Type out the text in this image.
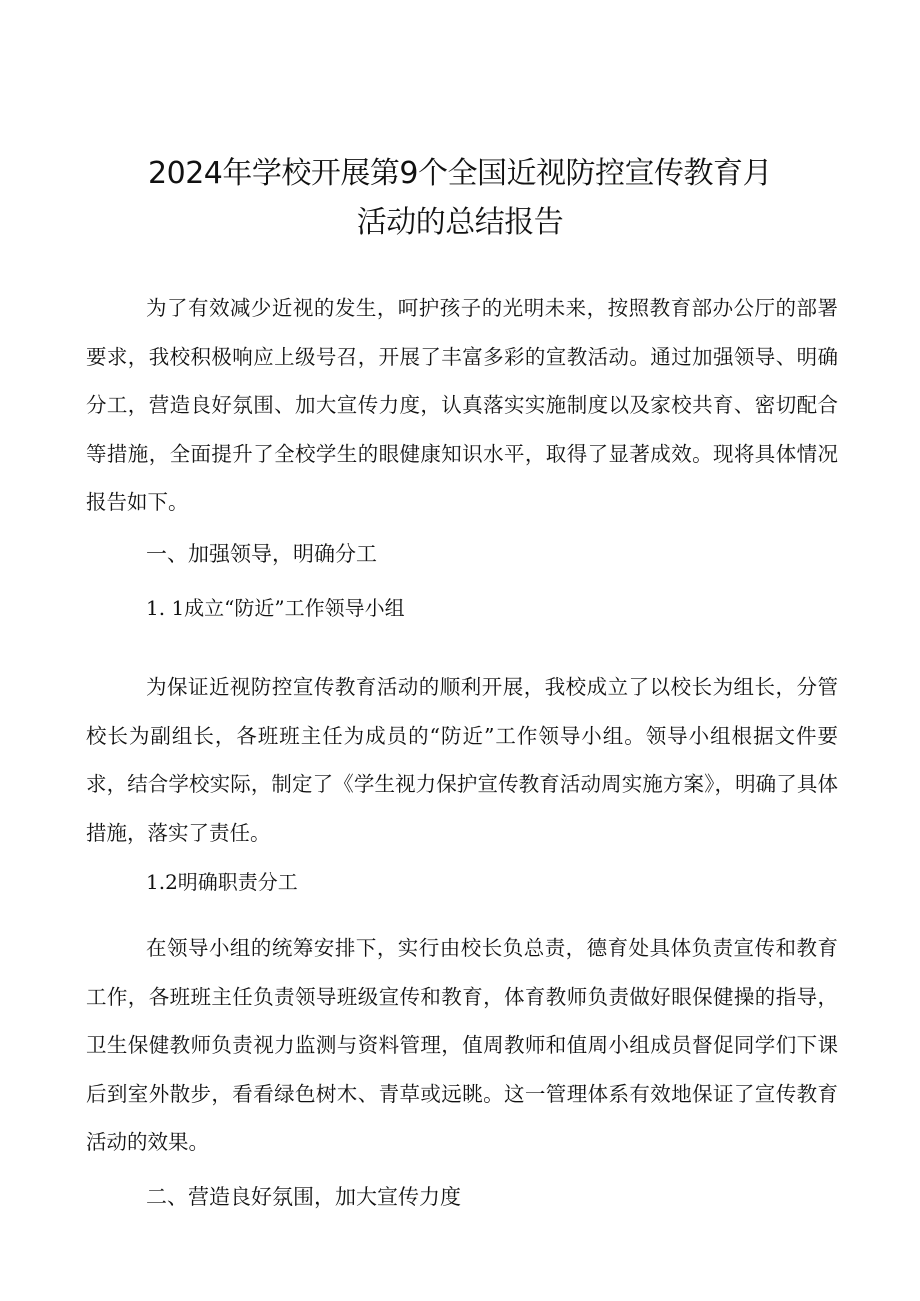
2024年学校开展第9个全国近视防控宣传教育月
活动的总结报告

为了有效减少近视的发生，呵护孩子的光明未来，按照教育部办公厅的部署要求，我校积极响应上级号召，开展了丰富多彩的宣教活动。通过加强领导、明确分工，营造良好氛围、加大宣传力度，认真落实实施制度以及家校共育、密切配合等措施，全面提升了全校学生的眼健康知识水平，取得了显著成效。现将具体情况报告如下。

一、加强领导，明确分工
1. 1成立“防近”工作领导小组

为保证近视防控宣传教育活动的顺利开展，我校成立了以校长为组长，分管校长为副组长，各班班主任为成员的“防近”工作领导小组。领导小组根据文件要求，结合学校实际，制定了《学生视力保护宣传教育活动周实施方案》，明确了具体措施，落实了责任。

1.2明确职责分工

在领导小组的统筹安排下，实行由校长负总责，德育处具体负责宣传和教育工作，各班班主任负责领导班级宣传和教育，体育教师负责做好眼保健操的指导，卫生保健教师负责视力监测与资料管理，值周教师和值周小组成员督促同学们下课后到室外散步，看看绿色树木、青草或远眺。这一管理体系有效地保证了宣传教育活动的效果。

二、营造良好氛围，加大宣传力度
